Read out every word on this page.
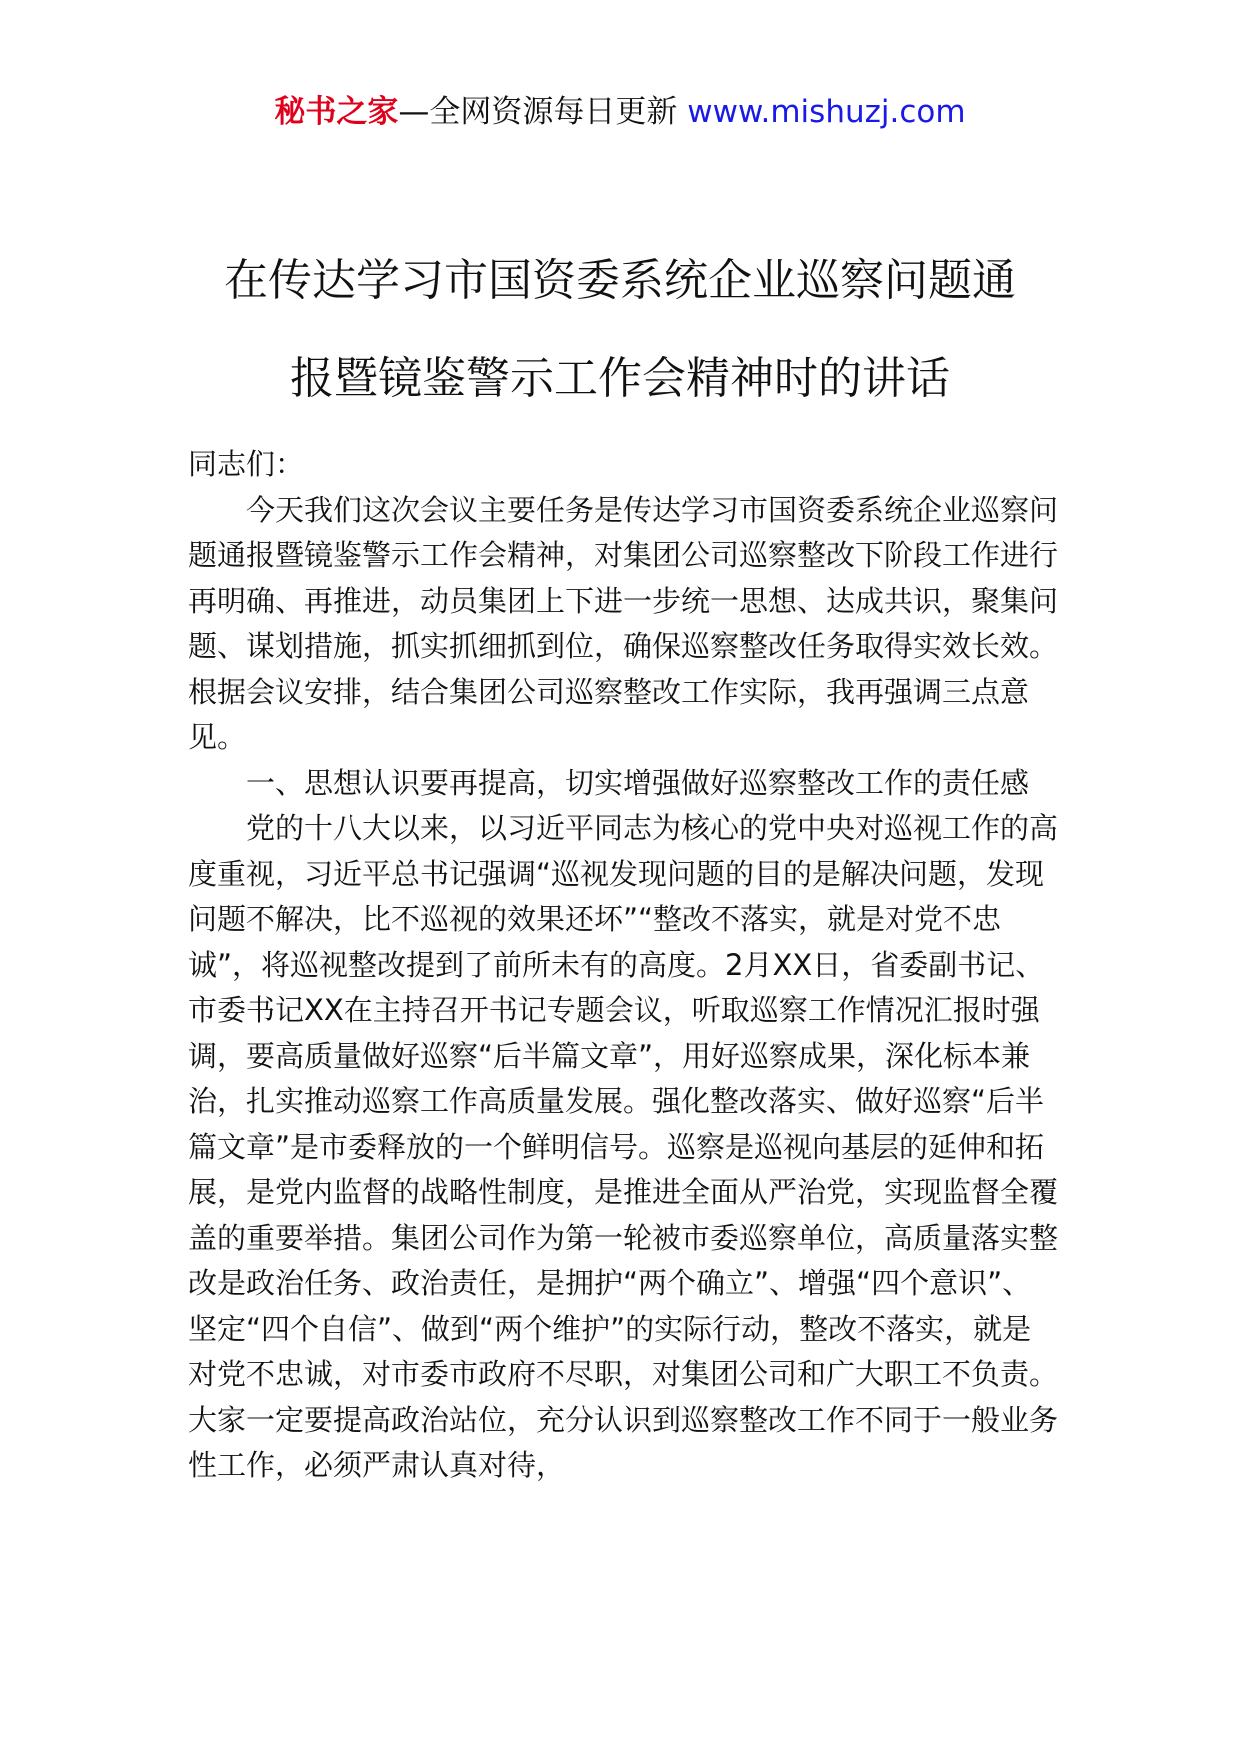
秘书之家—全网资源每日更新 www.mishuzj.com
在传达学习市国资委系统企业巡察问题通
报暨镜鉴警示工作会精神时的讲话

同志们：

今天我们这次会议主要任务是传达学习市国资委系统企业巡察问题通报暨镜鉴警示工作会精神，对集团公司巡察整改下阶段工作进行再明确、再推进，动员集团上下进一步统一思想、达成共识，聚集问题、谋划措施，抓实抓细抓到位，确保巡察整改任务取得实效长效。根据会议安排，结合集团公司巡察整改工作实际，我再强调三点意见。

一、思想认识要再提高，切实增强做好巡察整改工作的责任感

党的十八大以来，以习近平同志为核心的党中央对巡视工作的高度重视，习近平总书记强调“巡视发现问题的目的是解决问题，发现问题不解决，比不巡视的效果还坏”“整改不落实，就是对党不忠诚”，将巡视整改提到了前所未有的高度。2月XX日，省委副书记、市委书记XX在主持召开书记专题会议，听取巡察工作情况汇报时强调，要高质量做好巡察“后半篇文章”，用好巡察成果，深化标本兼治，扎实推动巡察工作高质量发展。强化整改落实、做好巡察“后半篇文章”是市委释放的一个鲜明信号。巡察是巡视向基层的延伸和拓展，是党内监督的战略性制度，是推进全面从严治党，实现监督全覆盖的重要举措。集团公司作为第一轮被市委巡察单位，高质量落实整改是政治任务、政治责任，是拥护“两个确立”、增强“四个意识”、坚定“四个自信”、做到“两个维护”的实际行动，整改不落实，就是对党不忠诚，对市委市政府不尽职，对集团公司和广大职工不负责。大家一定要提高政治站位，充分认识到巡察整改工作不同于一般业务性工作，必须严肃认真对待，
